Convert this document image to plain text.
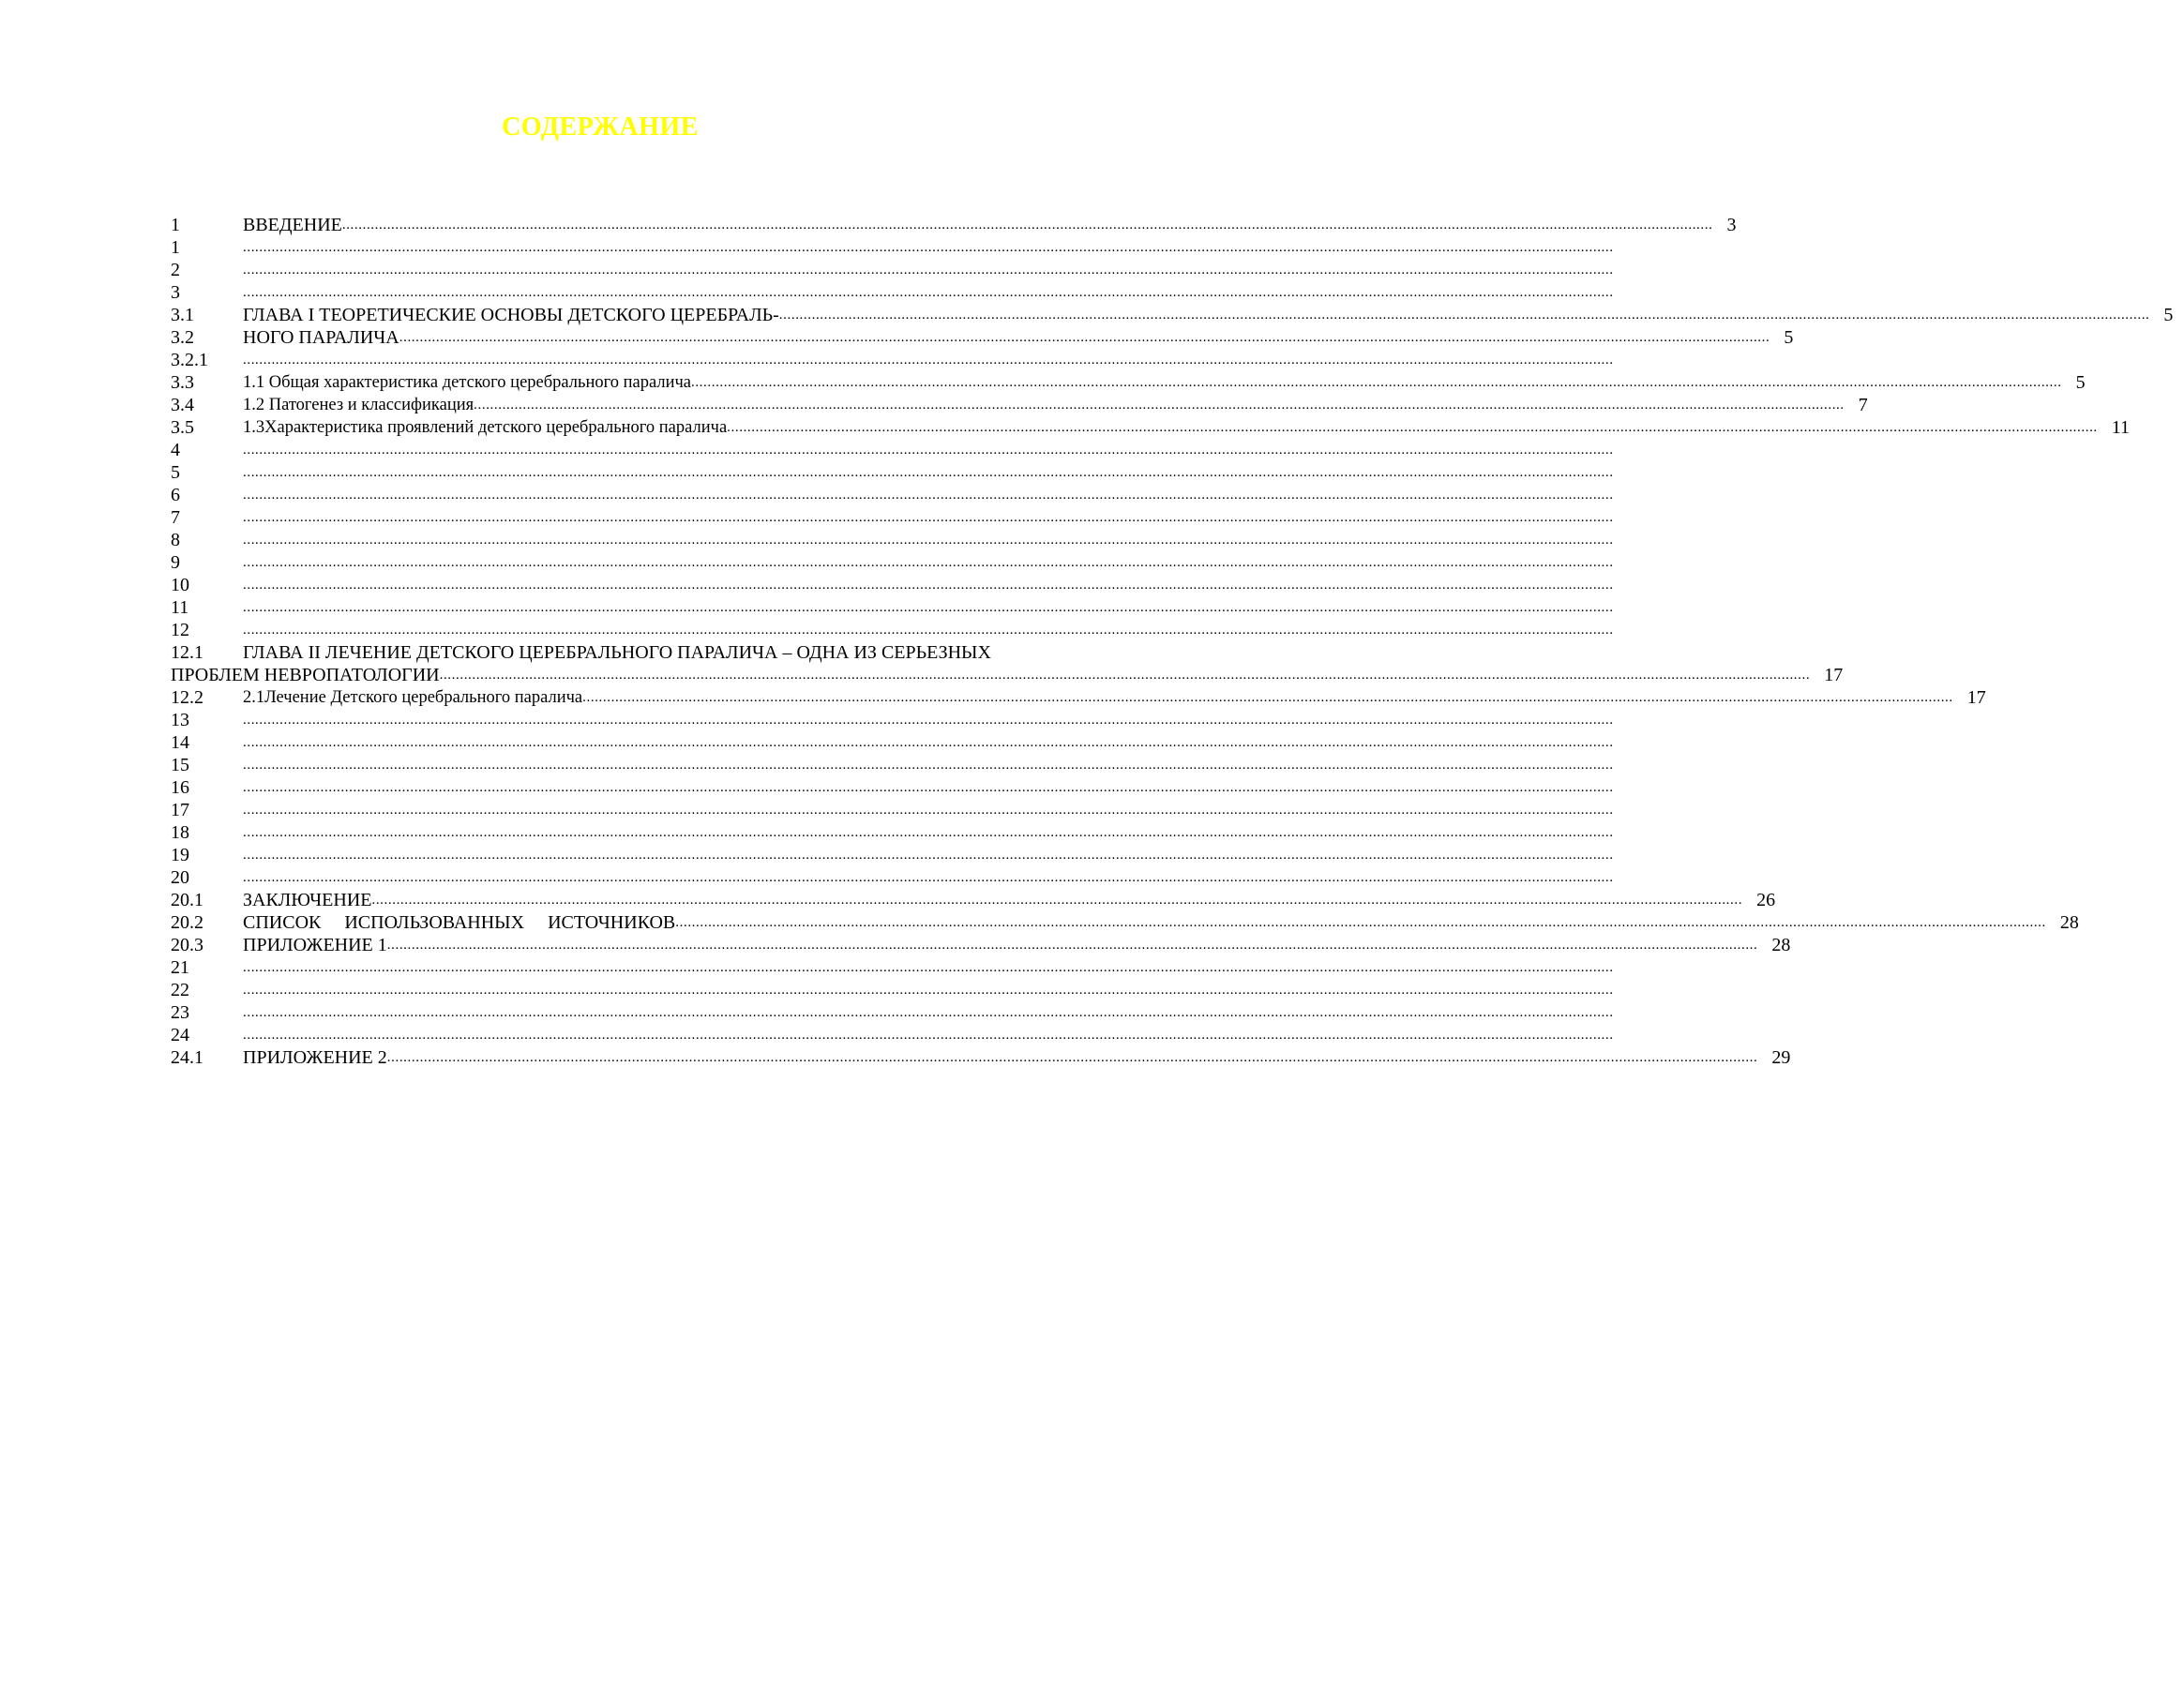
СОДЕРЖАНИЕ
1	ВВЕДЕНИЕ ................................................................................................................................................................................................................................................................................................................................................ 3
1	................................................................................................................................................................................................................................................................................................................................................
2	................................................................................................................................................................................................................................................................................................................................................
3	................................................................................................................................................................................................................................................................................................................................................
3.1	ГЛАВА I ТЕОРЕТИЧЕСКИЕ ОСНОВЫ ДЕТСКОГО ЦЕРЕБРАЛЬ- ................................................................................................................................................................................................................................................................................................................................................ 5
3.2	НОГО ПАРАЛИЧА ................................................................................................................................................................................................................................................................................................................................................ 5
3.2.1 ................................................................................................................................................................................................................................................................................................................................................
3.3	1.1 Общая характеристика детского церебрального паралича ................................................................................................................................................................................................................................................................................................................................................ 5
3.4	1.2 Патогенез и классификация ................................................................................................................................................................................................................................................................................................................................................ 7
3.5	1.3Характеристика проявлений детского церебрального паралича ................................................................................................................................................................................................................................................................................................................................................ 11
4	................................................................................................................................................................................................................................................................................................................................................
5	................................................................................................................................................................................................................................................................................................................................................
6	................................................................................................................................................................................................................................................................................................................................................
7	................................................................................................................................................................................................................................................................................................................................................
8	................................................................................................................................................................................................................................................................................................................................................
9	................................................................................................................................................................................................................................................................................................................................................
10	................................................................................................................................................................................................................................................................................................................................................
11	................................................................................................................................................................................................................................................................................................................................................
12	................................................................................................................................................................................................................................................................................................................................................
12.1 ГЛАВА II ЛЕЧЕНИЕ ДЕТСКОГО ЦЕРЕБРАЛЬНОГО ПАРАЛИЧА – ОДНА ИЗ СЕРЬЕЗНЫХ
ПРОБЛЕМ НЕВРОПАТОЛОГИИ ................................................................................................................................................................................................................................................................................................................................................ 17
12.2 2.1Лечение Детского церебрального паралича ................................................................................................................................................................................................................................................................................................................................................ 17
13	................................................................................................................................................................................................................................................................................................................................................
14	................................................................................................................................................................................................................................................................................................................................................
15	................................................................................................................................................................................................................................................................................................................................................
16	................................................................................................................................................................................................................................................................................................................................................
17	................................................................................................................................................................................................................................................................................................................................................
18	................................................................................................................................................................................................................................................................................................................................................
19	................................................................................................................................................................................................................................................................................................................................................
20	................................................................................................................................................................................................................................................................................................................................................
20.1 ЗАКЛЮЧЕНИЕ ................................................................................................................................................................................................................................................................................................................................................ 26
20.2 СПИСОК ИСПОЛЬЗОВАННЫХ ИСТОЧНИКОВ ................................................................................................................................................................................................................................................................................................................................................ 28
20.3 ПРИЛОЖЕНИЕ 1 ................................................................................................................................................................................................................................................................................................................................................ 28
21	................................................................................................................................................................................................................................................................................................................................................
22	................................................................................................................................................................................................................................................................................................................................................
23	................................................................................................................................................................................................................................................................................................................................................
24	................................................................................................................................................................................................................................................................................................................................................
24.1 ПРИЛОЖЕНИЕ 2 ................................................................................................................................................................................................................................................................................................................................................ 29
